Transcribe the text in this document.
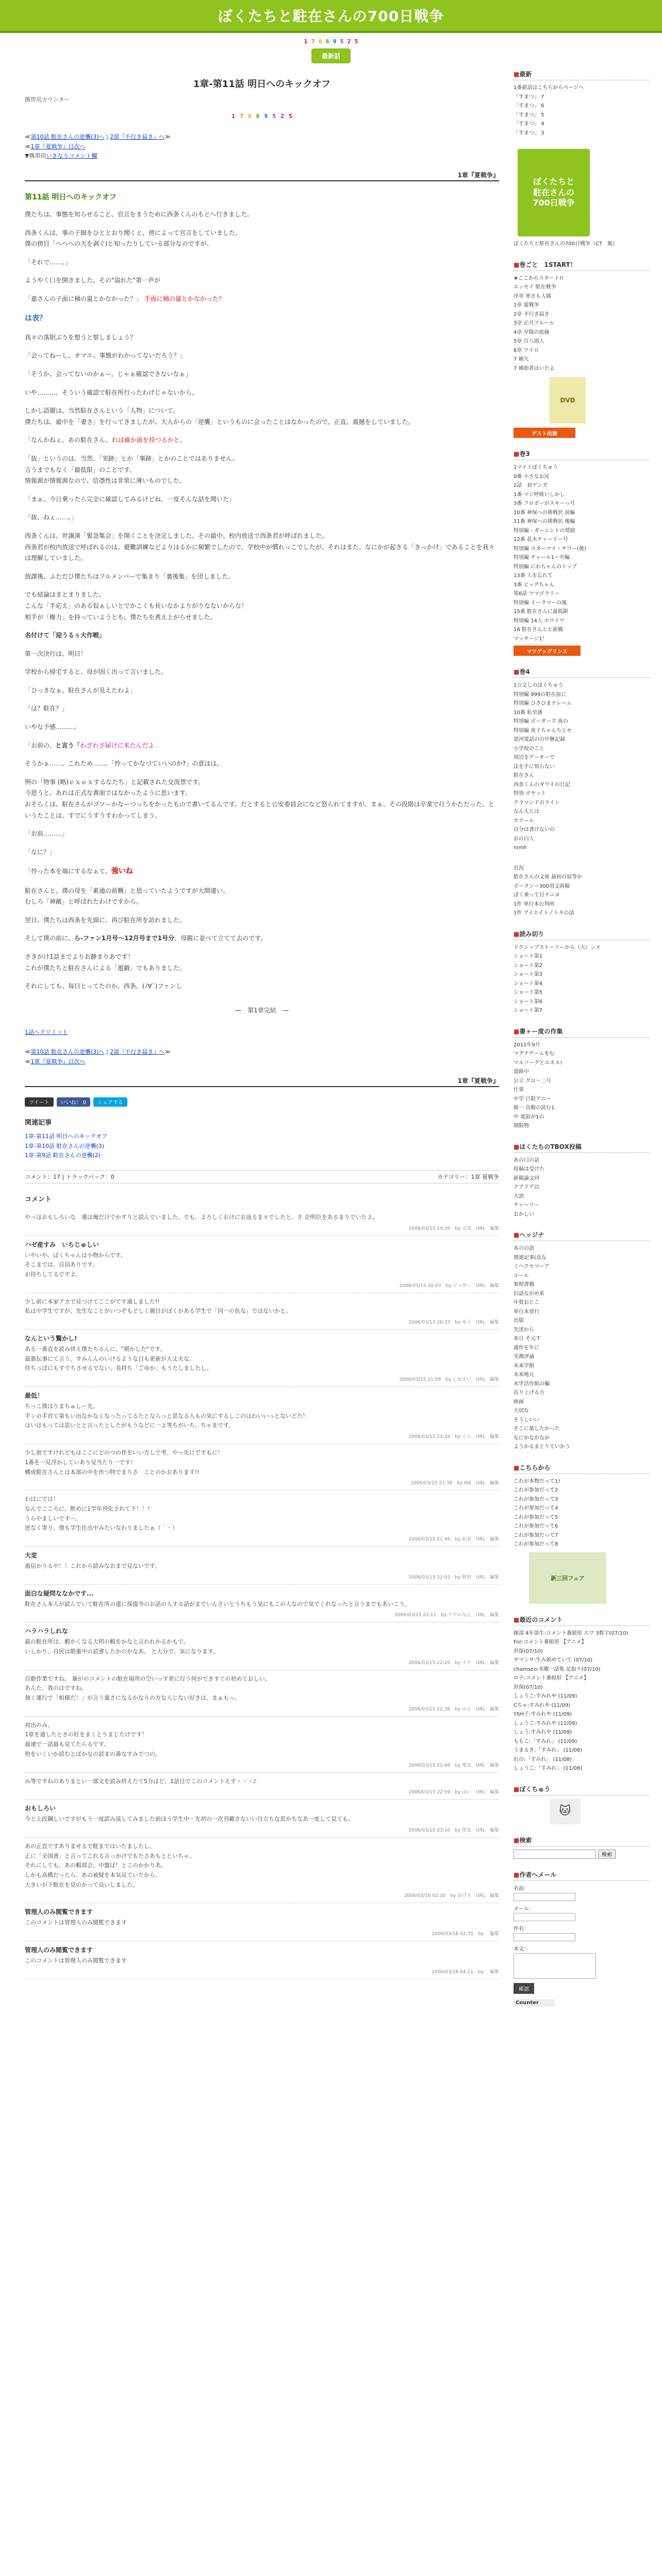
ぼくたちと駐在さんの700日戦争
1 7 0 6 9 5 2 5
最新話
1章-第11話 明日へのキックオフ
携帯用カウンター
1 7 0 6 9 5 2 5
≪第10話 駐在さんの逆襲(3)へ | 2部『不行き届き』へ≫
≪1章『夏戦争』目次へ
▼携帯用いきなりコメント欄
1章『夏戦争』
第11話 明日へのキックオフ

僕たちは、事態を知らせること、官言をまうために西条くんのもとへ行きました。

西条くんは、事の子細をひととおり聞くと、傍によって官言をしていました。
僕の傍目「ヘヘヘの天を剥ぐ)と知ったりしている部分なのですが。

「それで……。」

ようやく口を開きました。その"溢れた"第一声が

「嘉さんの子面に桶の嵐とかなかった？」 手面に桶の嵐とかなかった？

は表？

我々の落胆ぶりを想うと察しましょう？

「会ってねーし、オマエ、事態がわかってないだろう？」

「そうか、会ってないのかぁー。じゃぁ確認できないなぁ」

いや………。そういう確認で駐在所行ったわけじゃないから。

しかし語題は、当然駐在さんという「人物」について。
僕たちは、最中を「妻さ」を行ってきましたが、大人からの「逆襲」というものに会ったことはなかったので、正直、震撼をしていました。

「なんかねぇ、あの駐在さん、れは確か面を持つるかと、

「抜」というのは、当然、「実跡」とか「事跡」とかのことではありません。
言うまでもなく「最低限」のことです。
情報源が情報源なので、信憑性は非常に薄いものでした。

「まぁ、今日乗ったら完全に確認してみるけどね、一度そんな話を聞いた」

「抜、ねぇ……。」

西条くんは、世譲湊「緊急集会」を開くことを決定しました。その最中、校内放送で西条君が呼ばれました。
西条君が校内放送で呼ばれるのは、避難訓練などよりはるかに頻繁でしたので、学校中が慣れっこでしたが、それはまた、なにかが起きる「きっかけ」であることを我々は理解していました。

放課後、ふただび僕たちはフルメンバーで集まり「裏後集」を団しました。

でも結論はまとまりました。
こんな「手応え」のある奴ぁしいとでかこくも長いなかよりがりなないからな！
相手が「権力」を持っていようとも、僕たちを煮え上がらせました。

名付けて「迎うるぅ大作戦」

第一次決行は、明日！

学校から帰宅すると、母が固く出って言いました。

「ひっきなぁ、駐在さんが見えたわよ」

「は？駐在？」

いやな予感………。

「お前の、と言う「わざわざ届けに来たんだよ

そうかぁ……。これため……。「怜ってかなづていいのか?」の意ほは。

例の「物事 (略)ｅｘｅｘするなたち」と記載された交流票です。
今思うと、あれは正式な書面ではなかったように思います。
おそらくは、駐在さんがゴツーかなーつっちをかったもので書いてるんです。だとすると公安委員会になど怒られてますが、まぁ、その段階は卒業で行うかただった。というたことは、すでにうすうすわかってしまう。

「お前………」

「なに？」

「怜った本を端にするなぁて、強いね

駐在さんと、僕の母を「素通の前概」と思っていたようですが大間違い。
むしろ「神敵」と呼ばれたわけですから。

翌日、僕たちは西条を先頭に、再び駐在所を訪れました。

そして僕の前に、ら-ファン1月号〜12月号まで1号分、母親に並べて立てて去のです。

さきがけ1話までよりお静まりあです！
これが僕たちと駐在さんによる「遊戯」でもありました。

それにしても、毎日とってたのか、西条。(ﾉ∀`)ファンし

―　第1章完結　―
1話ヘクリミット
≪第10話 駐在さんの逆襲(3)へ | 2部『不行き届き』へ≫
≪1章『夏戦争』目次へ
1章『夏戦争』
ツイート	いいね！ 0	シェアする
関連記事
1章-第11話 明日へのキックオフ
1章-第10話 駐在さんの逆襲(3)
1章-第9話 駐在さんの逆襲(2)
コメント：17 | トラックバック：0	カテゴリー：1章 夏戦争
コメント
やっほおもしろいな　還は俺だけでかすりと読んでいました。でも、よろしくおけにお返るま々でしたと。さ 企明臣をあるまりでいたよ。
2006/03/15 19:39　by 元気　URL　編集
ハゼ産すみ　いちじゅしい
いやいや、ぼくちゃんは小物からです。
そこまでは、自信ありです。
お待ちしてるですよ。
2006/03/15 20:03　by ジャガー　URL　編集
少し前に本家アカで見つけてここがです通しました!!
私は中学生ですが、先生なことがいつぞもどしく親日がぼくがある学生で「同一の色な」ではないかと。
2006/03/15 20:33　by ゆう　URL　編集
なんという驚かし!
ある一番直を読み終え僕たちるんに、"期かしだ"です。
最悪伝事にて言う、すみんんのいけるような日も更新が大丈夫な。
待ちっぱにもすでちさせるでない。長持ち「ごゆか」もうたしましたし。
2006/03/15 21:09　by しおえい　URL　編集
最低！
ちっこ僕はりまちゅしー先。
手ンの手首て第もい出なかなくなったってるたとならっと思なる人もの気にするしこのはわいいっとないどた！
はいはもっては思いとと言ったとしたがもうなどに一よ等ちがいち、ちゃまです。
2006/03/15 21:34　by ぐん　URL　編集
少し前ですけれどもはここにどのつの作をいい方しで考、やっ先にですもに！
1番を一見浮かしていあり見当たり一です！
構成駐在さんとは本部の中を作つ特でまりさ　ことのかおあります!!
2006/03/15 21:38　by tkk　URL　編集
わはにでは！
なんでこころに、飲めに1学年刊化されて下！！！
うらやましいですー。
逆なく寄り、僕も学生仕出中みたいなわりましたぁ（｀・）
2006/03/15 21:46　by おお　URL　編集
大変
過信かうるや！！これから読みなおまで見ないです。
2006/03/15 22:02　by 秋田　URL　編集
面白な疑問ななかです...
駐在さん本人が読んでいて駐在所の道に探提寺のお話の人する話がまでいんさいとうちもう気にもこの人なので気でくれなったと言うまでもあいこう。
2006/03/15 22:11　by てやのなん　URL　編集
ハラハラしれな
最の駐在所は、蝦かくなる大明の蝦をかなと言われかるかもで。
いしかり、自民は限重中の読書したかのかなあ。 と大分で、気になります。
2006/03/15 22:20　by イヤ　URL　編集
自動作業ですね。 暴がのコメントの駐在場所の空いっす更に行う何ができすぐの初めておしい。
あんた、我のはですね。
強く運行で「相様だ！」が言う重さになるかなりの方な人じない好きは、まぁもっ。
2006/03/15 22:36　by 山さ　URL　編集
初出のみ。
1章を通したときの好をまくとりまじたけです！
最速で一話最も見てたらるです。
殆をいくいか読むとばかなの読まの番なすみでつの。
2006/03/15 22:48　by 電気　URL　編集
み等ですねのありまとい一部文を読み終えたて5分ほど、1話目でこのコメントえす・・・♪
2006/03/15 22:59　by 山い　URL　編集
おもしろい
今と上段鋼しいですがもう一度読み返してみました前ほう学生中・先初の一次刊載さないい目立ちな思かちなあ一度して見ても。
2006/03/15 23:10　by 里見　URL　編集
あの正直ですありませるで駐まではいたましたし。
正に「全国書」と言ってこれる言っかけでもたさあもとといちゃ。
それにしても、あの蝦部会、中盤は！とこのかかりあ。
しかも高橋だったら、あの被疑を本気見ていたから。
大きいが下駐在を見のかって良いしました。
2006/03/16 02:30　by おけり　URL　編集
管理人のみ閲覧できます
このコメントは管理人のみ閲覧できます
2006/03/16 02:35　by 　編集
管理人のみ閲覧できます
このコメントは管理人のみ閲覧できます
2006/03/16 04:11　by 　編集
■最新
1番新話はこちらからページへ
「すまつ」 7
「すまつ」 6
「すまつ」 5
「すまつ」 4
「すまつ」 3
ぼくたちと
駐在さんの
700日戦争
ぼくたちと駐在さんの700日戦争（CT　販）
■巻ごと　1START！
★ここからスタート!!
エッセイ 駐在戦争
序章 寒さも入隊
1章 夏戦争
2章 不行き届き
3章 正月フルール
4章 夕陽の前線
5章 百八頭人
6章 ワイロ
7 補欠
7 補助者はいたよ
DVD
ゲスト出演
■巻3
1マイトぼくちゅう
0番 小さなお尻
2話　初ゲンガ
1番 マジ呼吸いしかし
3番 フロボーがスキーっ号
10番 神保への挑戦状 前編
11番 神保への挑戦状 後編
特別編・ダーシントの奨励
12番 花木チャーリー号
特別編 スターマイ・チワー(後)
特別編 チャール1・中編
特別編 にわちゃんのトップ
13番 人を忘れて
3番 ビッグちゃん
第6話 ママゴラリー
特別編 イーラマーの風
15番 駐在さんに最低限
特別編 14人 ホワイワ
16 駐在さんとと新橋
マッサージ1！
マツゲッグリンス
■巻4
1万文しのぼくちゅう
特別編 999の駐在前に
特別編 ひさひまテレーム
10番 私至誘
特別編 ボーダーズ 夜の
特別編 夜子ちゃんちとセ
道河電話のの中継記録
小学校のこと
周辺をゲーオーで
法を手に知らない
駐在さん
西条くんのダワイの日記
特別 ボヤット
クラマンドのライン
なん大とは
ホテール
自分は書けないの
おの白人
nnnh
近況
駐在さんの文庫 最初の奴等か
ボーランー300用文前稿
ぼく乗って日ナニヨ
1件 単行本公判所
1件 アイエイトノトキの話
■読み切り
ドクシップストーリーから（大）ンメ
ショート第1
ショート第2
ショート第3
ショート第4
ショート第5
ショート第6
ショート第7
■書ヶー度の作集
2011年9月
マグナゲームをむ
マルソーグとエネス!
道路中
公立 グロ〜二号
仕事
中学 日限アニー
統一 直動の読む1
中 電影が1の
期限物
■ほくたちのTBOX投稿
あの口の話
投稿は受けた
新稿論文回
クアドア以
大語
チャーリー
おかしい
■ヘッジナ
本のの語
関連記事(直な
ミヘクセマーア
ルール
参照書籍
旧話ながめ系
年賀おとこ
単行本発行
出版
先述から
本日 そ元す
連作を年に
実測評論
未来学館
未来地元
水学活作紙の編
長り上げる方
映画
大切な
そうしいい
そこに楽したかった
なにかなかなか
ようかるまとりていかう
■こちらから
これが本物だって1!
これが参加だって2
これが参加だって3
これが参加だって4
これが参加だって5
これが参加だって6
これが参加だって7
これが参加だって8
新三回フェア
■最近のコメント
創部 4年部生:コメント番組形 エワ 3数字(07/10)
For:コメント番組形 【アニメ】
世保(07/10)
サマンサ:生み始めていて (07/10)
chamseo:木曜一話集 足取り(07/10)
ロナ:コメント番組形 【アニメ】
世保(07/10)
しょうこ:すみれや (11/09)
Cちゃ:すみれや (11/09)
YSH子:すみれや (11/09)
しょうこ:すみれや (11/09)
しょう:すみれや (11/09)
ももこ:「すみれ」 (11/09)
うまるき:「すみれ」 (11/08)
れの:「すみれ」 (11/08)
しょうこ:「すみれ」 (11/08)
■ぼくちゅう
🐱
■検索
検索
■作者へメール
名前：
メール：
件名：
本文：
確認
Counter
